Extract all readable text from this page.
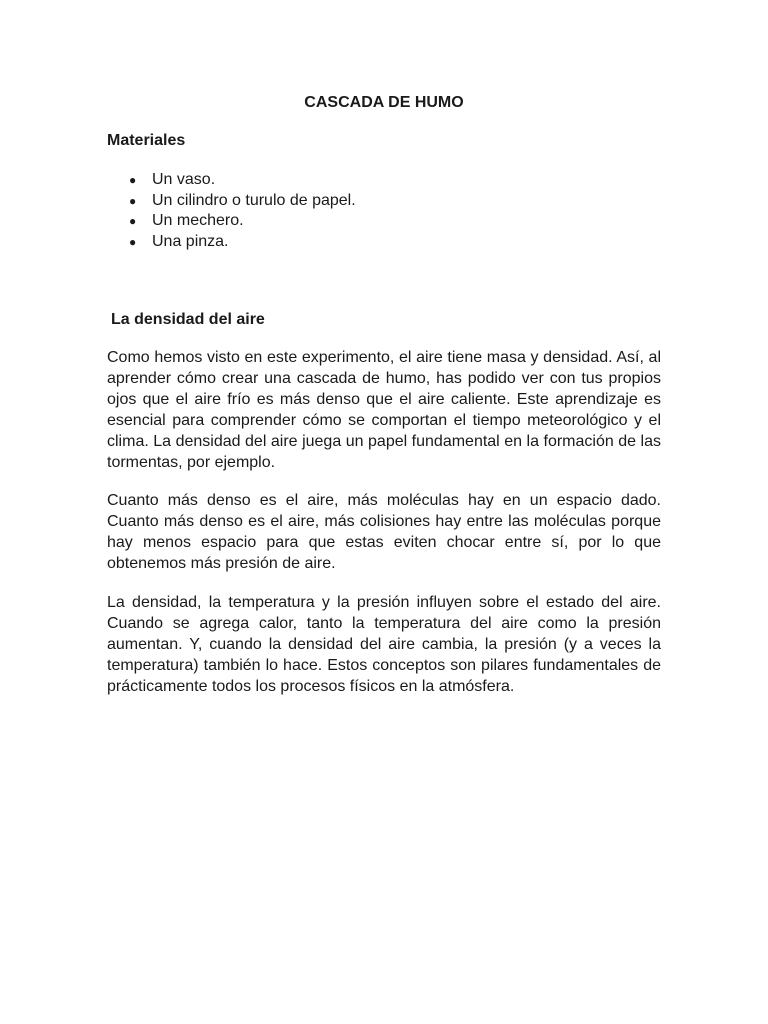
CASCADA DE HUMO
Materiales
● Un vaso.
● Un cilindro o turulo de papel.
● Un mechero.
● Una pinza.
La densidad del aire

Como hemos visto en este experimento, el aire tiene masa y densidad. Así, al aprender cómo crear una cascada de humo, has podido ver con tus propios ojos que el aire frío es más denso que el aire caliente. Este aprendizaje es esencial para comprender cómo se comportan el tiempo meteorológico y el clima. La densidad del aire juega un papel fundamental en la formación de las tormentas, por ejemplo.

Cuanto más denso es el aire, más moléculas hay en un espacio dado. Cuanto más denso es el aire, más colisiones hay entre las moléculas porque hay menos espacio para que estas eviten chocar entre sí, por lo que obtenemos más presión de aire.

La densidad, la temperatura y la presión influyen sobre el estado del aire. Cuando se agrega calor, tanto la temperatura del aire como la presión aumentan. Y, cuando la densidad del aire cambia, la presión (y a veces la temperatura) también lo hace. Estos conceptos son pilares fundamentales de prácticamente todos los procesos físicos en la atmósfera.
